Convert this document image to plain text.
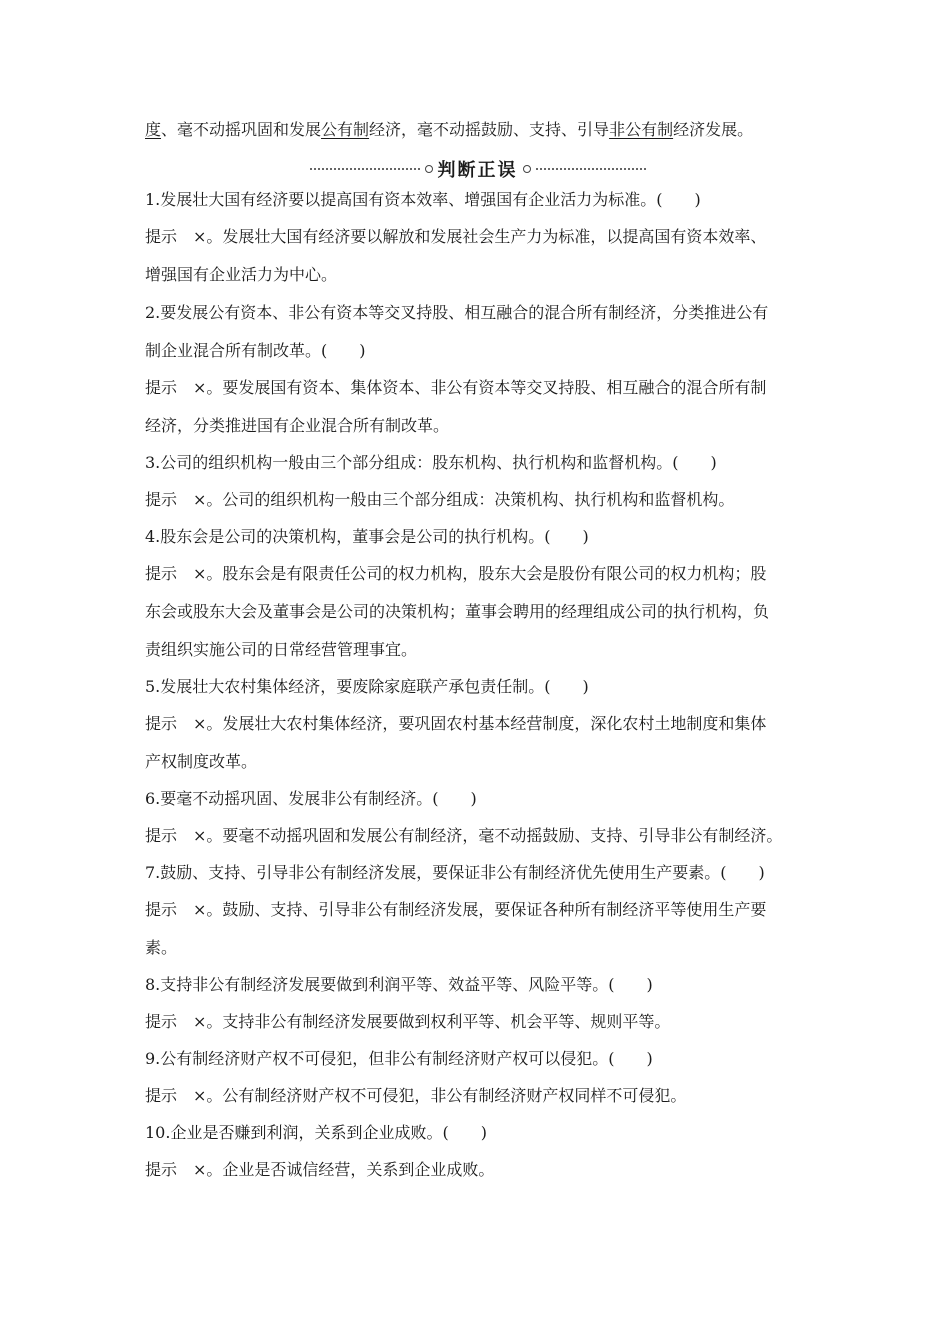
度、毫不动摇巩固和发展公有制经济，毫不动摇鼓励、支持、引导非公有制经济发展。
判断正误
1.发展壮大国有经济要以提高国有资本效率、增强国有企业活力为标准。(　　)
提示 ×。发展壮大国有经济要以解放和发展社会生产力为标准，以提高国有资本效率、
增强国有企业活力为中心。
2.要发展公有资本、非公有资本等交叉持股、相互融合的混合所有制经济，分类推进公有
制企业混合所有制改革。(　　)
提示 ×。要发展国有资本、集体资本、非公有资本等交叉持股、相互融合的混合所有制
经济，分类推进国有企业混合所有制改革。
3.公司的组织机构一般由三个部分组成：股东机构、执行机构和监督机构。(　　)
提示 ×。公司的组织机构一般由三个部分组成：决策机构、执行机构和监督机构。
4.股东会是公司的决策机构，董事会是公司的执行机构。(　　)
提示 ×。股东会是有限责任公司的权力机构，股东大会是股份有限公司的权力机构；股
东会或股东大会及董事会是公司的决策机构；董事会聘用的经理组成公司的执行机构，负
责组织实施公司的日常经营管理事宜。
5.发展壮大农村集体经济，要废除家庭联产承包责任制。(　　)
提示 ×。发展壮大农村集体经济，要巩固农村基本经营制度，深化农村土地制度和集体
产权制度改革。
6.要毫不动摇巩固、发展非公有制经济。(　　)
提示 ×。要毫不动摇巩固和发展公有制经济，毫不动摇鼓励、支持、引导非公有制经济。
7.鼓励、支持、引导非公有制经济发展，要保证非公有制经济优先使用生产要素。(　　)
提示 ×。鼓励、支持、引导非公有制经济发展，要保证各种所有制经济平等使用生产要
素。
8.支持非公有制经济发展要做到利润平等、效益平等、风险平等。(　　)
提示 ×。支持非公有制经济发展要做到权利平等、机会平等、规则平等。
9.公有制经济财产权不可侵犯，但非公有制经济财产权可以侵犯。(　　)
提示 ×。公有制经济财产权不可侵犯，非公有制经济财产权同样不可侵犯。
10.企业是否赚到利润，关系到企业成败。(　　)
提示 ×。企业是否诚信经营，关系到企业成败。
